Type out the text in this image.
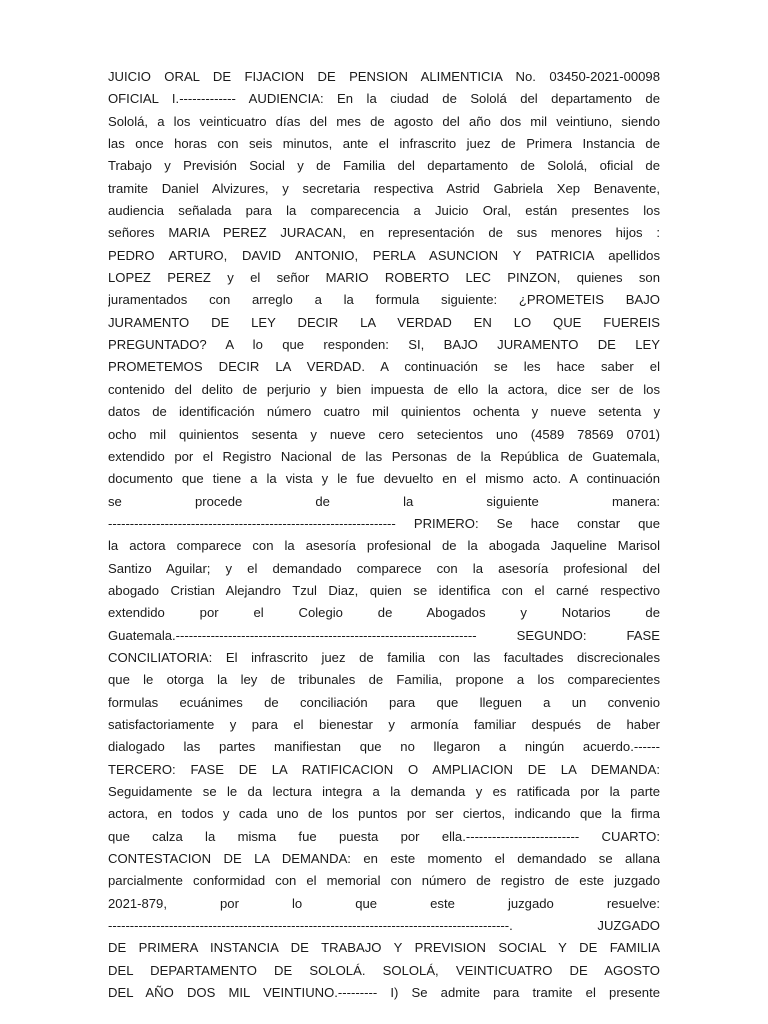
JUICIO ORAL DE FIJACION DE PENSION ALIMENTICIA No. 03450-2021-00098
OFICIAL I.------------- AUDIENCIA: En la ciudad de Sololá del departamento de
Sololá, a los veinticuatro días del mes de agosto del año dos mil veintiuno, siendo
las once horas con seis minutos, ante el infrascrito juez de Primera Instancia de
Trabajo y Previsión Social y de Familia del departamento de Sololá, oficial de
tramite Daniel Alvizures, y secretaria respectiva Astrid Gabriela Xep Benavente,
audiencia señalada para la comparecencia a Juicio Oral, están presentes los
señores MARIA PEREZ JURACAN, en representación de sus menores hijos :
PEDRO ARTURO, DAVID ANTONIO, PERLA ASUNCION Y PATRICIA apellidos
LOPEZ PEREZ y el señor MARIO ROBERTO LEC PINZON, quienes son
juramentados con arreglo a la formula siguiente: ¿PROMETEIS BAJO
JURAMENTO DE LEY DECIR LA VERDAD EN LO QUE FUEREIS
PREGUNTADO? A lo que responden: SI, BAJO JURAMENTO DE LEY
PROMETEMOS DECIR LA VERDAD. A continuación se les hace saber el
contenido del delito de perjurio y bien impuesta de ello la actora, dice ser de los
datos de identificación número cuatro mil quinientos ochenta y nueve setenta y
ocho mil quinientos sesenta y nueve cero setecientos uno (4589 78569 0701)
extendido por el Registro Nacional de las Personas de la República de Guatemala,
documento que tiene a la vista y le fue devuelto en el mismo acto. A continuación
se procede de la siguiente manera:
------------------------------------------------------------------ PRIMERO: Se hace constar que
la actora comparece con la asesoría profesional de la abogada Jaqueline Marisol
Santizo Aguilar; y el demandado comparece con la asesoría profesional del
abogado Cristian Alejandro Tzul Diaz, quien se identifica con el carné respectivo
extendido por el Colegio de Abogados y Notarios de
Guatemala.--------------------------------------------------------------------- SEGUNDO: FASE
CONCILIATORIA: El infrascrito juez de familia con las facultades discrecionales
que le otorga la ley de tribunales de Familia, propone a los comparecientes
formulas ecuánimes de conciliación para que lleguen a un convenio
satisfactoriamente y para el bienestar y armonía familiar después de haber
dialogado las partes manifiestan que no llegaron a ningún acuerdo.------
TERCERO: FASE DE LA RATIFICACION O AMPLIACION DE LA DEMANDA:
Seguidamente se le da lectura integra a la demanda y es ratificada por la parte
actora, en todos y cada uno de los puntos por ser ciertos, indicando que la firma
que calza la misma fue puesta por ella.-------------------------- CUARTO:
CONTESTACION DE LA DEMANDA: en este momento el demandado se allana
parcialmente conformidad con el memorial con número de registro de este juzgado
2021-879, por lo que este juzgado resuelve:
--------------------------------------------------------------------------------------------. JUZGADO
DE PRIMERA INSTANCIA DE TRABAJO Y PREVISION SOCIAL Y DE FAMILIA
DEL DEPARTAMENTO DE SOLOLÁ. SOLOLÁ, VEINTICUATRO DE AGOSTO
DEL AÑO DOS MIL VEINTIUNO.--------- I) Se admite para tramite el presente
